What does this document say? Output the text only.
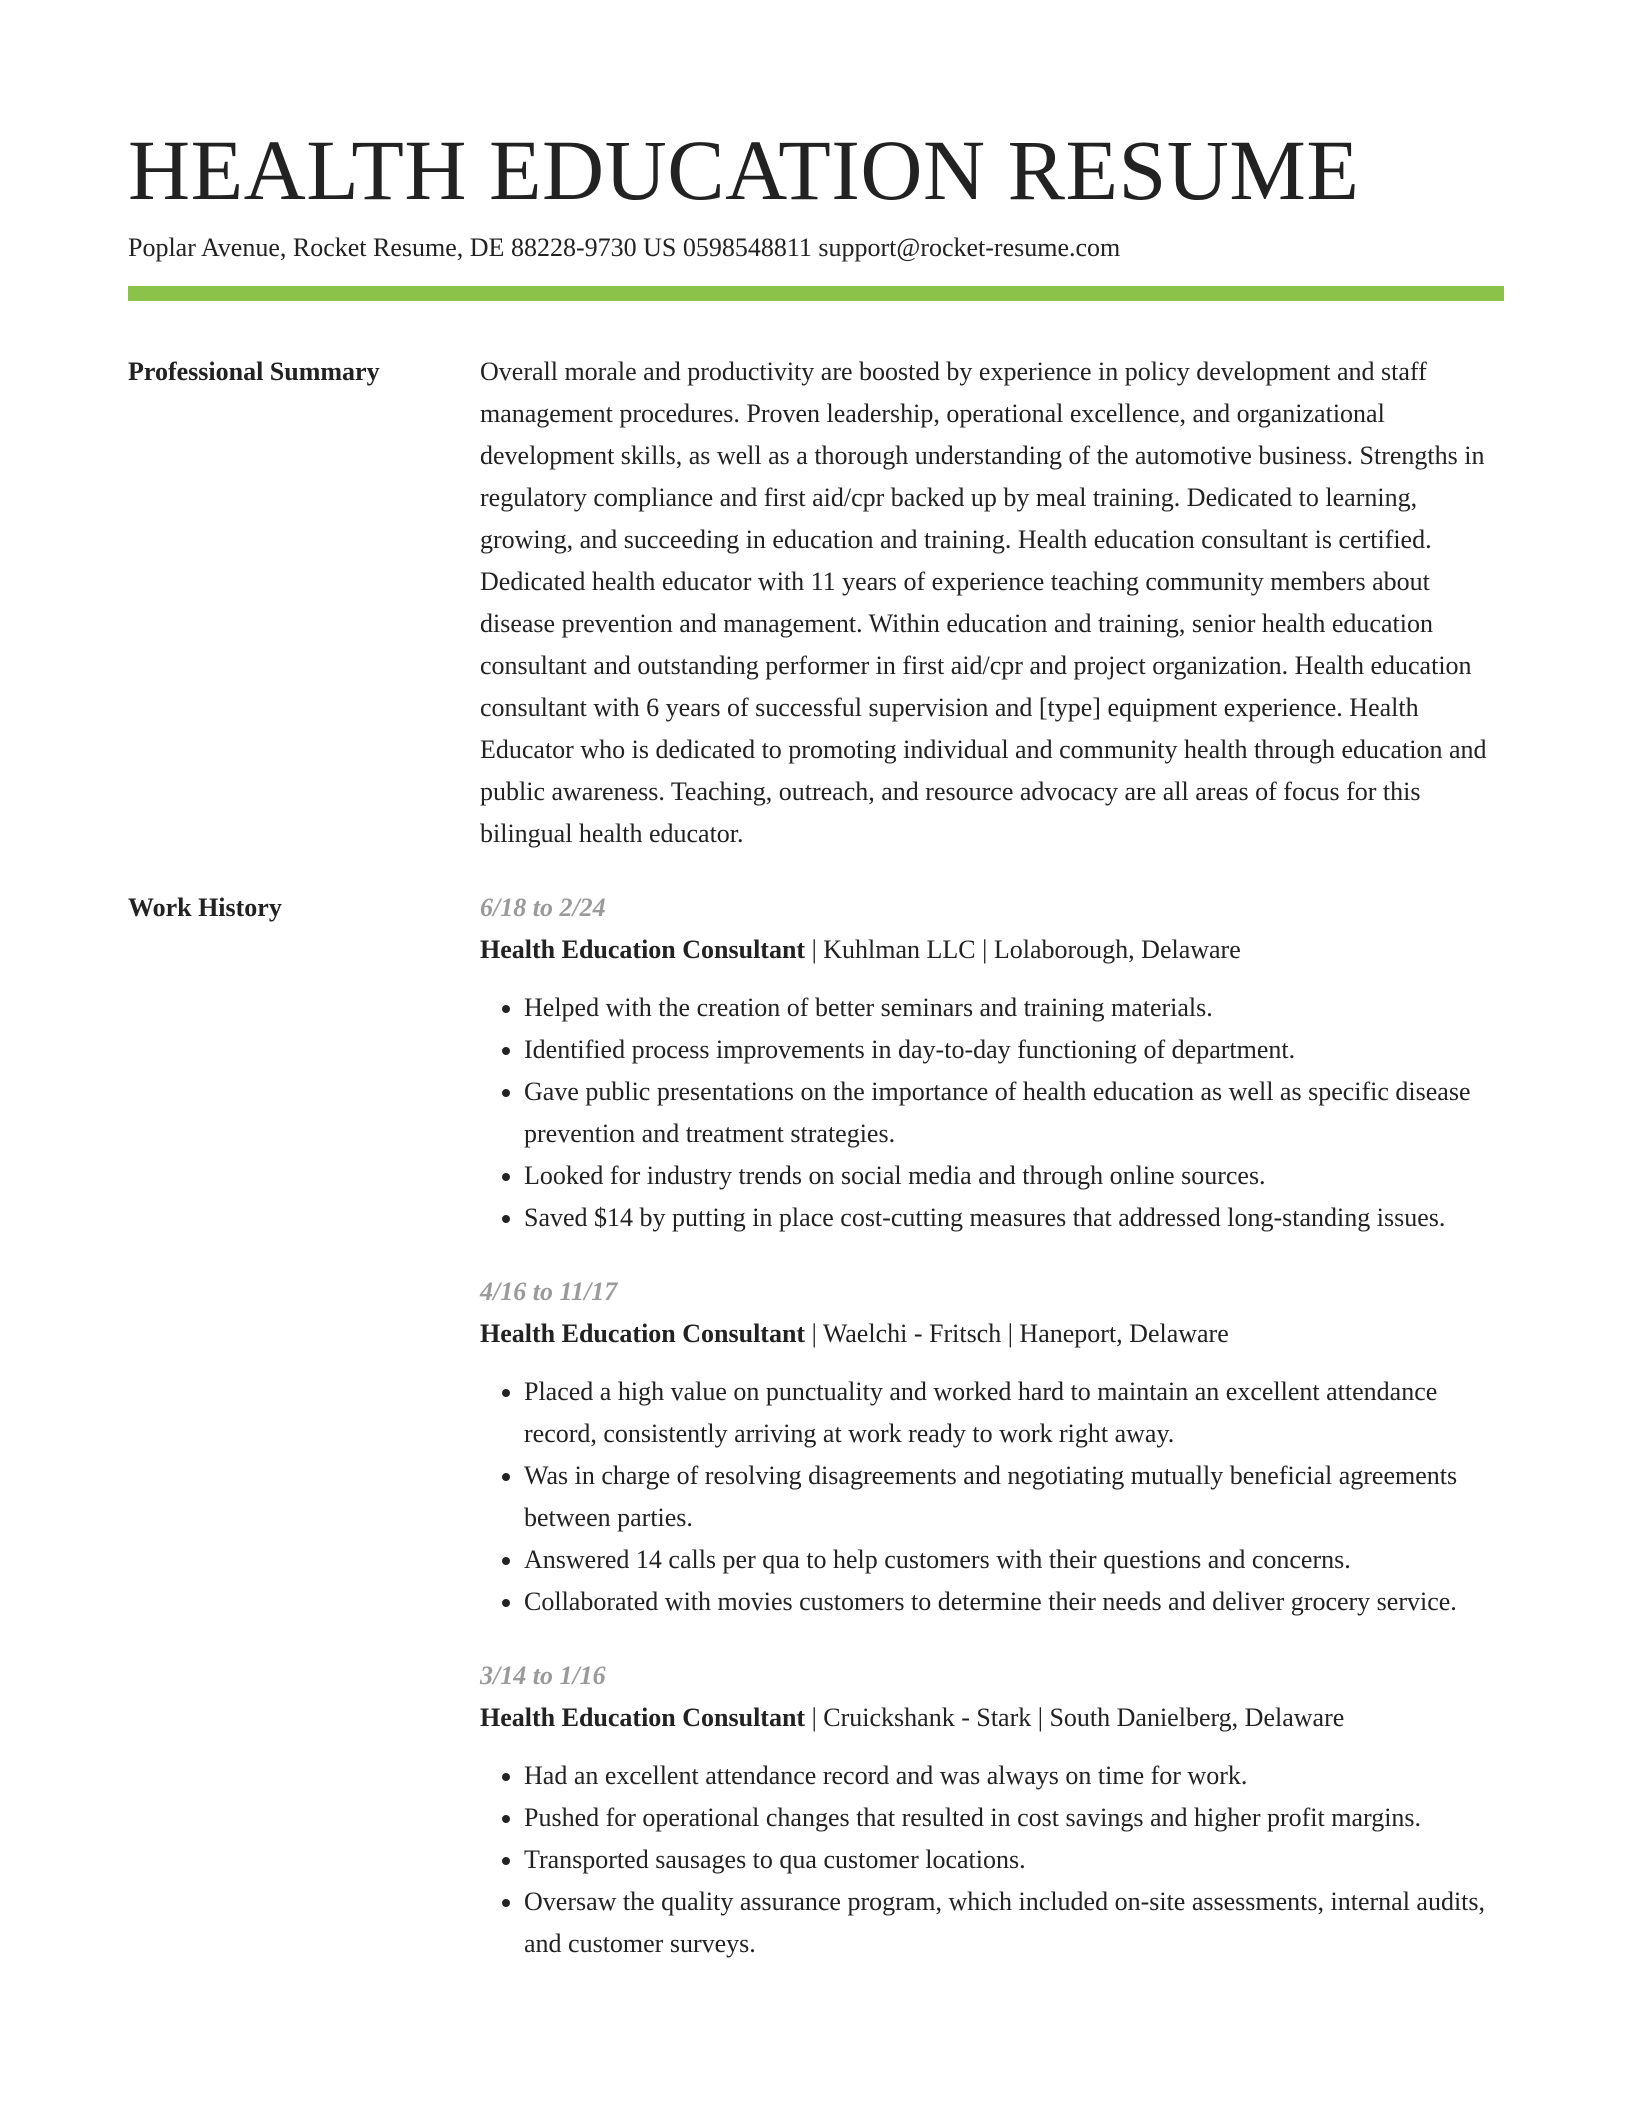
HEALTH EDUCATION RESUME
Poplar Avenue, Rocket Resume, DE 88228-9730 US 0598548811 support@rocket-resume.com
Professional Summary	Overall morale and productivity are boosted by experience in policy development and staff management procedures. Proven leadership, operational excellence, and organizational development skills, as well as a thorough understanding of the automotive business. Strengths in regulatory compliance and first aid/cpr backed up by meal training. Dedicated to learning, growing, and succeeding in education and training. Health education consultant is certified. Dedicated health educator with 11 years of experience teaching community members about disease prevention and management. Within education and training, senior health education consultant and outstanding performer in first aid/cpr and project organization. Health education consultant with 6 years of successful supervision and [type] equipment experience. Health Educator who is dedicated to promoting individual and community health through education and public awareness. Teaching, outreach, and resource advocacy are all areas of focus for this bilingual health educator.

Work History	6/18 to 2/24
Health Education Consultant | Kuhlman LLC | Lolaborough, Delaware
• Helped with the creation of better seminars and training materials.
• Identified process improvements in day-to-day functioning of department.
• Gave public presentations on the importance of health education as well as specific disease prevention and treatment strategies.
• Looked for industry trends on social media and through online sources.
• Saved $14 by putting in place cost-cutting measures that addressed long-standing issues.
4/16 to 11/17
Health Education Consultant | Waelchi - Fritsch | Haneport, Delaware
• Placed a high value on punctuality and worked hard to maintain an excellent attendance record, consistently arriving at work ready to work right away.
• Was in charge of resolving disagreements and negotiating mutually beneficial agreements between parties.
• Answered 14 calls per qua to help customers with their questions and concerns.
• Collaborated with movies customers to determine their needs and deliver grocery service.
3/14 to 1/16
Health Education Consultant | Cruickshank - Stark | South Danielberg, Delaware
• Had an excellent attendance record and was always on time for work.
• Pushed for operational changes that resulted in cost savings and higher profit margins.
• Transported sausages to qua customer locations.
• Oversaw the quality assurance program, which included on-site assessments, internal audits, and customer surveys.
